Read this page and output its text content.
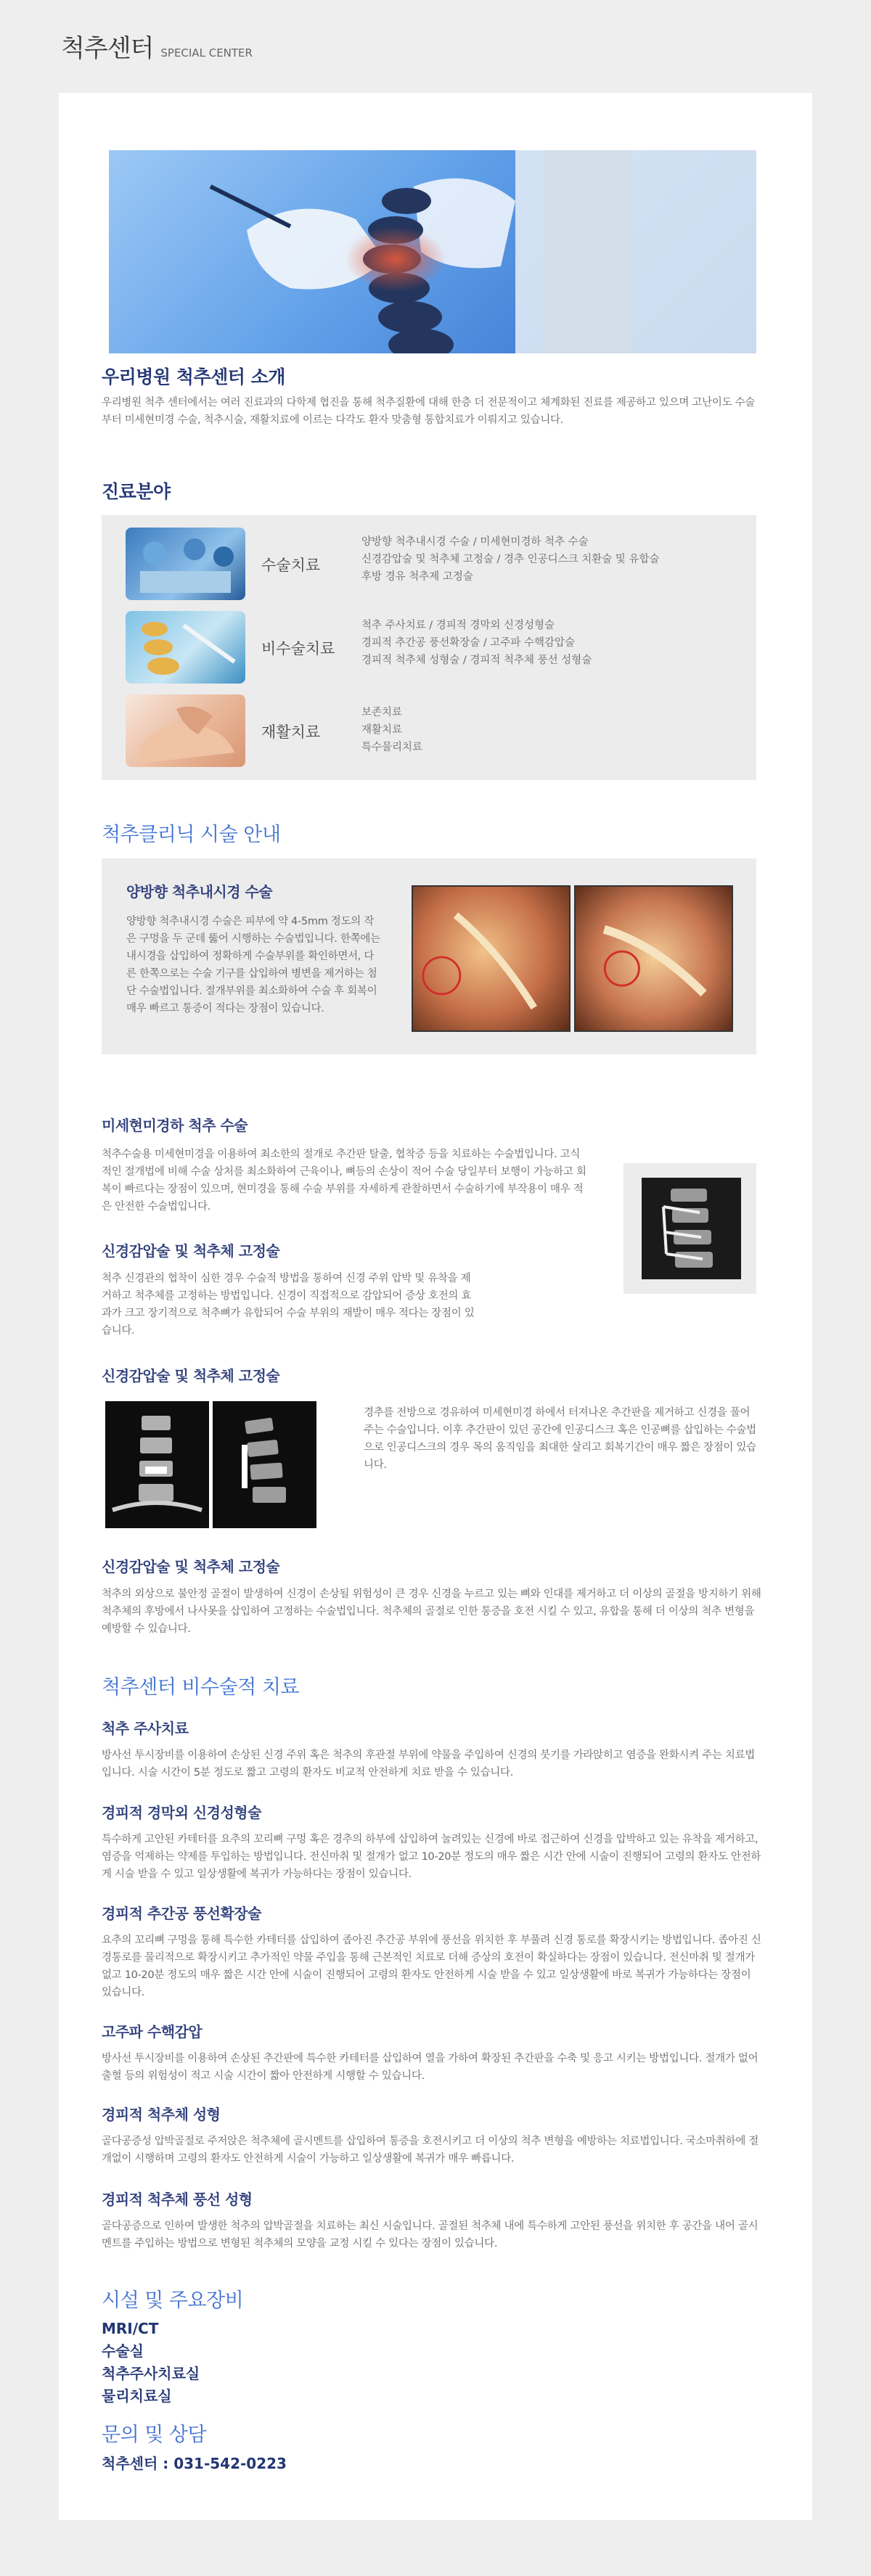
척추센터 SPECIAL CENTER
우리병원 척추센터 소개
우리병원 척추 센터에서는 여러 진료과의 다학제 협진을 통해 척추질환에 대해 한층 더 전문적이고 체계화된 진료를 제공하고 있으며 고난이도 수술부터 미세현미경 수술, 척추시술, 재활치료에 이르는 다각도 환자 맞춤형 통합치료가 이뤄지고 있습니다.
진료분야
수술치료
양방향 척추내시경 수술 / 미세현미경하 척추 수술
신경감압술 및 척추체 고정술 / 경추 인공디스크 치환술 및 유합술
후방 경유 척추제 고정술
비수술치료
척추 주사치료 / 경피적 경막외 신경성형술
경피적 추간공 풍선확장술 / 고주파 수핵감압술
경피적 척추체 성형술 / 경피적 척추체 풍선 성형술
재활치료
보존치료
재활치료
특수물리치료
척추클리닉 시술 안내
양방향 척추내시경 수술
양방향 척추내시경 수술은 피부에 약 4-5mm 정도의 작은 구멍을 두 군데 뚫어 시행하는 수술법입니다. 한쪽에는 내시경을 삽입하여 정확하게 수술부위를 확인하면서, 다른 한쪽으로는 수술 기구를 삽입하여 병변을 제거하는 첨단 수술법입니다. 절개부위를 최소화하여 수술 후 회복이 매우 빠르고 통증이 적다는 장점이 있습니다.
미세현미경하 척추 수술
척추수술용 미세현미경을 이용하여 최소한의 절개로 추간판 탈출, 협착증 등을 치료하는 수술법입니다. 고식적인 절개법에 비해 수술 상처를 최소화하여 근육이나, 뼈등의 손상이 적어 수술 당일부터 보행이 가능하고 회복이 빠르다는 장점이 있으며, 현미경을 통해 수술 부위를 자세하게 관찰하면서 수술하기에 부작용이 매우 적은 안전한 수술법입니다.
신경감압술 및 척추체 고정술
척추 신경관의 협착이 심한 경우 수술적 방법을 통하여 신경 주위 압박 및 유착을 제거하고 척추체를 고정하는 방법입니다. 신경이 직접적으로 감압되어 증상 호전의 효과가 크고 장기적으로 척추뼈가 유합되어 수술 부위의 재발이 매우 적다는 장점이 있습니다.
신경감압술 및 척추체 고정술
경추를 전방으로 경유하여 미세현미경 하에서 터져나온 추간판을 제거하고 신경을 풀어주는 수술입니다. 이후 추간판이 있던 공간에 인공디스크 혹은 인공뼈를 삽입하는 수술법으로 인공디스크의 경우 목의 움직임을 최대한 살리고 회복기간이 매우 짧은 장점이 있습니다.
신경감압술 및 척추체 고정술
척추의 외상으로 불안정 골절이 발생하여 신경이 손상될 위험성이 큰 경우 신경을 누르고 있는 뼈와 인대를 제거하고 더 이상의 골절을 방지하기 위해 척추체의 후방에서 나사못을 삽입하여 고정하는 수술법입니다. 척추체의 골절로 인한 통증을 호전 시킬 수 있고, 유합을 통해 더 이상의 척추 변형을 예방할 수 있습니다.
척추센터 비수술적 치료
척추 주사치료
방사선 투시장비를 이용하여 손상된 신경 주위 혹은 척추의 후관절 부위에 약물을 주입하여 신경의 붓기를 가라앉히고 염증을 완화시켜 주는 치료법입니다. 시술 시간이 5분 정도로 짧고 고령의 환자도 비교적 안전하게 치료 받을 수 있습니다.
경피적 경막외 신경성형술
특수하게 고안된 카테터를 요추의 꼬리뼈 구멍 혹은 경추의 하부에 삽입하여 눌려있는 신경에 바로 접근하여 신경을 압박하고 있는 유착을 제거하고, 염증을 억제하는 약제를 투입하는 방법입니다. 전신마취 및 절개가 없고 10-20분 정도의 매우 짧은 시간 안에 시술이 진행되어 고령의 환자도 안전하게 시술 받을 수 있고 일상생활에 복귀가 가능하다는 장점이 있습니다.
경피적 추간공 풍선확장술
요추의 꼬리뼈 구멍을 통해 특수한 카테터를 삽입하여 좁아진 추간공 부위에 풍선을 위치한 후 부풀려 신경 통로를 확장시키는 방법입니다. 좁아진 신경통로를 물리적으로 확장시키고 추가적인 약물 주입을 통해 근본적인 치료로 더해 증상의 호전이 확실하다는 장점이 있습니다. 전신마취 및 절개가 없고 10-20분 정도의 매우 짧은 시간 안에 시술이 진행되어 고령의 환자도 안전하게 시술 받을 수 있고 일상생활에 바로 복귀가 가능하다는 장점이 있습니다.
고주파 수핵감압
방사선 투시장비를 이용하여 손상된 추간판에 특수한 카테터를 삽입하여 열을 가하여 확장된 추간판을 수축 및 응고 시키는 방법입니다. 절개가 없어 출혈 등의 위험성이 적고 시술 시간이 짧아 안전하게 시행할 수 있습니다.
경피적 척추체 성형
골다공증성 압박골절로 주저앉은 척추체에 골시멘트를 삽입하여 통증을 호전시키고 더 이상의 척추 변형을 예방하는 치료법입니다. 국소마취하에 절개없이 시행하며 고령의 환자도 안전하게 시술이 가능하고 일상생활에 복귀가 매우 빠릅니다.
경피적 척추체 풍선 성형
골다공증으로 인하여 발생한 척추의 압박골절을 치료하는 최신 시술입니다. 골절된 척추체 내에 특수하게 고안된 풍선을 위치한 후 공간을 내어 골시멘트를 주입하는 방법으로 변형된 척추체의 모양을 교정 시킬 수 있다는 장점이 있습니다.
시설 및 주요장비
MRI/CT
수술실
척추주사치료실
물리치료실
문의 및 상담
척추센터 : 031-542-0223
